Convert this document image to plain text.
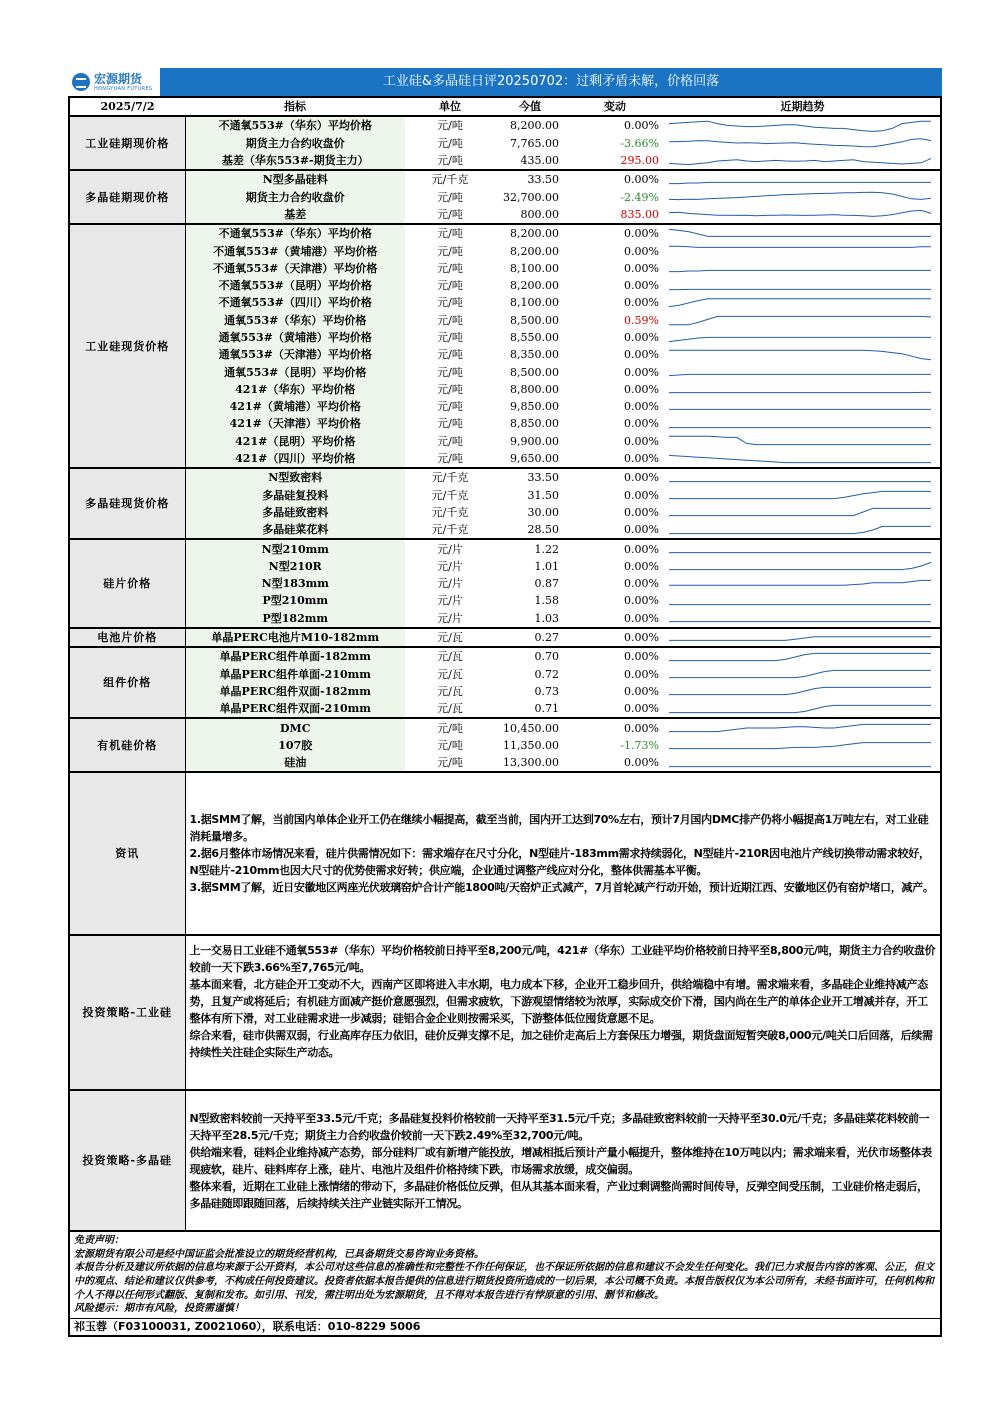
宏源期货
HONGYUAN FUTURES	工业硅&多晶硅日评20250702：过剩矛盾未解，价格回落
2025/7/2	指标	单位	今值	变动	近期趋势
工业硅期现价格	不通氧553#（华东）平均价格	元/吨	8,200.00	0.00%	

	期货主力合约收盘价	元/吨	7,765.00	-3.66%	

	基差（华东553#-期货主力）	元/吨	435.00	295.00	

多晶硅期现价格	N型多晶硅料	元/千克	33.50	0.00%	

	期货主力合约收盘价	元/吨	32,700.00	-2.49%	

	基差	元/吨	800.00	835.00	

工业硅现货价格	不通氧553#（华东）平均价格	元/吨	8,200.00	0.00%	

	不通氧553#（黄埔港）平均价格	元/吨	8,200.00	0.00%	

	不通氧553#（天津港）平均价格	元/吨	8,100.00	0.00%	

	不通氧553#（昆明）平均价格	元/吨	8,200.00	0.00%	

	不通氧553#（四川）平均价格	元/吨	8,100.00	0.00%	

	通氧553#（华东）平均价格	元/吨	8,500.00	0.59%	

	通氧553#（黄埔港）平均价格	元/吨	8,550.00	0.00%	

	通氧553#（天津港）平均价格	元/吨	8,350.00	0.00%	

	通氧553#（昆明）平均价格	元/吨	8,500.00	0.00%	

	421#（华东）平均价格	元/吨	8,800.00	0.00%	

	421#（黄埔港）平均价格	元/吨	9,850.00	0.00%	

	421#（天津港）平均价格	元/吨	8,850.00	0.00%	

	421#（昆明）平均价格	元/吨	9,900.00	0.00%	

	421#（四川）平均价格	元/吨	9,650.00	0.00%	

多晶硅现货价格	N型致密料	元/千克	33.50	0.00%	

	多晶硅复投料	元/千克	31.50	0.00%	

	多晶硅致密料	元/千克	30.00	0.00%	

	多晶硅菜花料	元/千克	28.50	0.00%	

硅片价格	N型210mm	元/片	1.22	0.00%	

	N型210R	元/片	1.01	0.00%	

	N型183mm	元/片	0.87	0.00%	

	P型210mm	元/片	1.58	0.00%	

	P型182mm	元/片	1.03	0.00%	

电池片价格	单晶PERC电池片M10-182mm	元/瓦	0.27	0.00%	

组件价格	单晶PERC组件单面-182mm	元/瓦	0.70	0.00%	

	单晶PERC组件单面-210mm	元/瓦	0.72	0.00%	

	单晶PERC组件双面-182mm	元/瓦	0.73	0.00%	

	单晶PERC组件双面-210mm	元/瓦	0.71	0.00%	

有机硅价格	DMC	元/吨	10,450.00	0.00%	

	107胶	元/吨	11,350.00	-1.73%	

	硅油	元/吨	13,300.00	0.00%	
资讯	1.据SMM了解，当前国内单体企业开工仍在继续小幅提高，截至当前，国内开工达到70%左右，预计7月国内DMC排产仍将小幅提高1万吨左右，对工业硅消耗量增多。

2.据6月整体市场情况来看，硅片供需情况如下：需求端存在尺寸分化，N型硅片-183mm需求持续弱化，N型硅片-210R因电池片产线切换带动需求较好，N型硅片-210mm也因大尺寸的优势使需求好转；供应端，企业通过调整产线应对分化，整体供需基本平衡。

3.据SMM了解，近日安徽地区两座光伏玻璃窑炉合计产能1800吨/天窑炉正式减产，7月首轮减产行动开始，预计近期江西、安徽地区仍有窑炉堵口，减产。

投资策略-工业硅	上一交易日工业硅不通氧553#（华东）平均价格较前日持平至8,200元/吨，421#（华东）工业硅平均价格较前日持平至8,800元/吨，期货主力合约收盘价较前一天下跌3.66%至7,765元/吨。

基本面来看，北方硅企开工变动不大，西南产区即将进入丰水期，电力成本下移，企业开工稳步回升，供给端稳中有增。需求端来看，多晶硅企业维持减产态势，且复产或将延后；有机硅方面减产挺价意愿强烈，但需求疲软，下游观望情绪较为浓厚，实际成交价下滑，国内尚在生产的单体企业开工增减并存，开工整体有所下滑，对工业硅需求进一步减弱；硅铝合金企业则按需采买，下游整体低位囤货意愿不足。

综合来看，硅市供需双弱，行业高库存压力依旧，硅价反弹支撑不足，加之硅价走高后上方套保压力增强，期货盘面短暂突破8,000元/吨关口后回落，后续需持续性关注硅企实际生产动态。

投资策略-多晶硅	N型致密料较前一天持平至33.5元/千克；多晶硅复投料价格较前一天持平至31.5元/千克；多晶硅致密料较前一天持平至30.0元/千克；多晶硅菜花料较前一天持平至28.5元/千克；期货主力合约收盘价较前一天下跌2.49%至32,700元/吨。

供给端来看，硅料企业维持减产态势，部分硅料厂或有新增产能投放，增减相抵后预计产量小幅提升，整体维持在10万吨以内；需求端来看，光伏市场整体表现疲软，硅片、硅料库存上涨，硅片、电池片及组件价格持续下跌，市场需求放缓，成交偏弱。

整体来看，近期在工业硅上涨情绪的带动下，多晶硅价格低位反弹，但从其基本面来看，产业过剩调整尚需时间传导，反弹空间受压制，工业硅价格走弱后，多晶硅随即跟随回落，后续持续关注产业链实际开工情况。

免责声明：

宏源期货有限公司是经中国证监会批准设立的期货经营机构，已具备期货交易咨询业务资格。

本报告分析及建议所依据的信息均来源于公开资料，本公司对这些信息的准确性和完整性不作任何保证，也不保证所依据的信息和建议不会发生任何变化。我们已力求报告内容的客观、公正，但文中的观点、结论和建议仅供参考，不构成任何投资建议。投资者依据本报告提供的信息进行期货投资所造成的一切后果，本公司概不负责。本报告版权仅为本公司所有，未经书面许可，任何机构和个人不得以任何形式翻版、复制和发布。如引用、刊发，需注明出处为宏源期货，且不得对本报告进行有悖原意的引用、删节和修改。

风险提示：期市有风险，投资需谨慎！

祁玉蓉（F03100031, Z0021060），联系电话：010-8229 5006
